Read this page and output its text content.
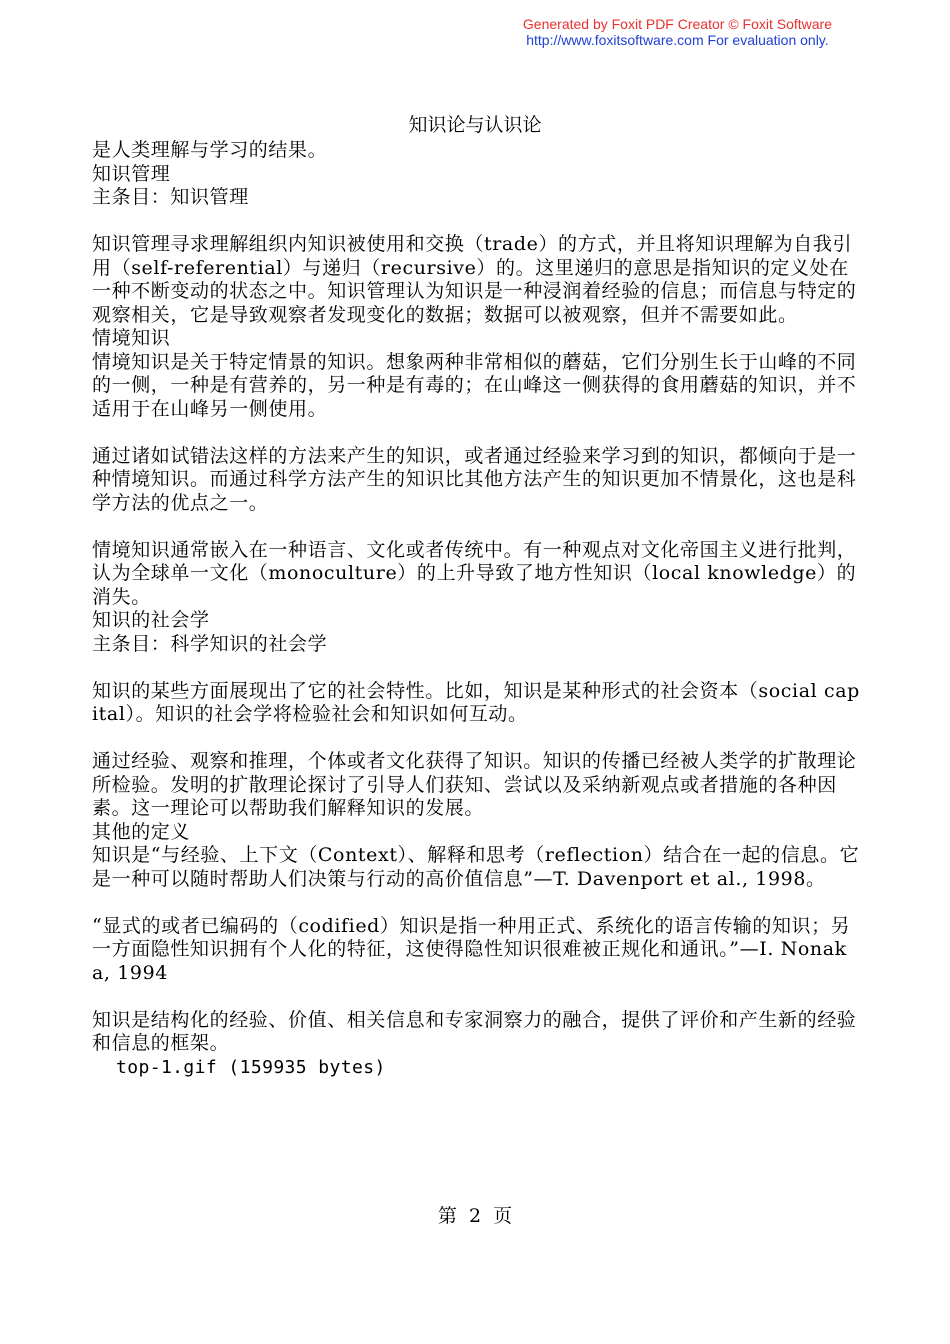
Generated by Foxit PDF Creator © Foxit Software
http://www.foxitsoftware.com For evaluation only.
知识论与认识论

是人类理解与学习的结果。

知识管理

主条目：知识管理

知识管理寻求理解组织内知识被使用和交换（trade）的方式，并且将知识理解为自我引用（self-referential）与递归（recursive）的。这里递归的意思是指知识的定义处在一种不断变动的状态之中。知识管理认为知识是一种浸润着经验的信息；而信息与特定的观察相关，它是导致观察者发现变化的数据；数据可以被观察，但并不需要如此。

情境知识

情境知识是关于特定情景的知识。想象两种非常相似的蘑菇，它们分别生长于山峰的不同的一侧，一种是有营养的，另一种是有毒的；在山峰这一侧获得的食用蘑菇的知识，并不适用于在山峰另一侧使用。

通过诸如试错法这样的方法来产生的知识，或者通过经验来学习到的知识，都倾向于是一种情境知识。而通过科学方法产生的知识比其他方法产生的知识更加不情景化，这也是科学方法的优点之一。

情境知识通常嵌入在一种语言、文化或者传统中。有一种观点对文化帝国主义进行批判，认为全球单一文化（monoculture）的上升导致了地方性知识（local knowledge）的消失。

知识的社会学

主条目：科学知识的社会学

知识的某些方面展现出了它的社会特性。比如，知识是某种形式的社会资本（social capital）。知识的社会学将检验社会和知识如何互动。

通过经验、观察和推理，个体或者文化获得了知识。知识的传播已经被人类学的扩散理论所检验。发明的扩散理论探讨了引导人们获知、尝试以及采纳新观点或者措施的各种因素。这一理论可以帮助我们解释知识的发展。

其他的定义

知识是“与经验、上下文（Context）、解释和思考（reflection）结合在一起的信息。它是一种可以随时帮助人们决策与行动的高价值信息”—T. Davenport et al., 1998。

“显式的或者已编码的（codified）知识是指一种用正式、系统化的语言传输的知识；另一方面隐性知识拥有个人化的特征，这使得隐性知识很难被正规化和通讯。”—I. Nonaka, 1994

知识是结构化的经验、价值、相关信息和专家洞察力的融合，提供了评价和产生新的经验和信息的框架。

top-1.gif (159935 bytes)

第 2 页
